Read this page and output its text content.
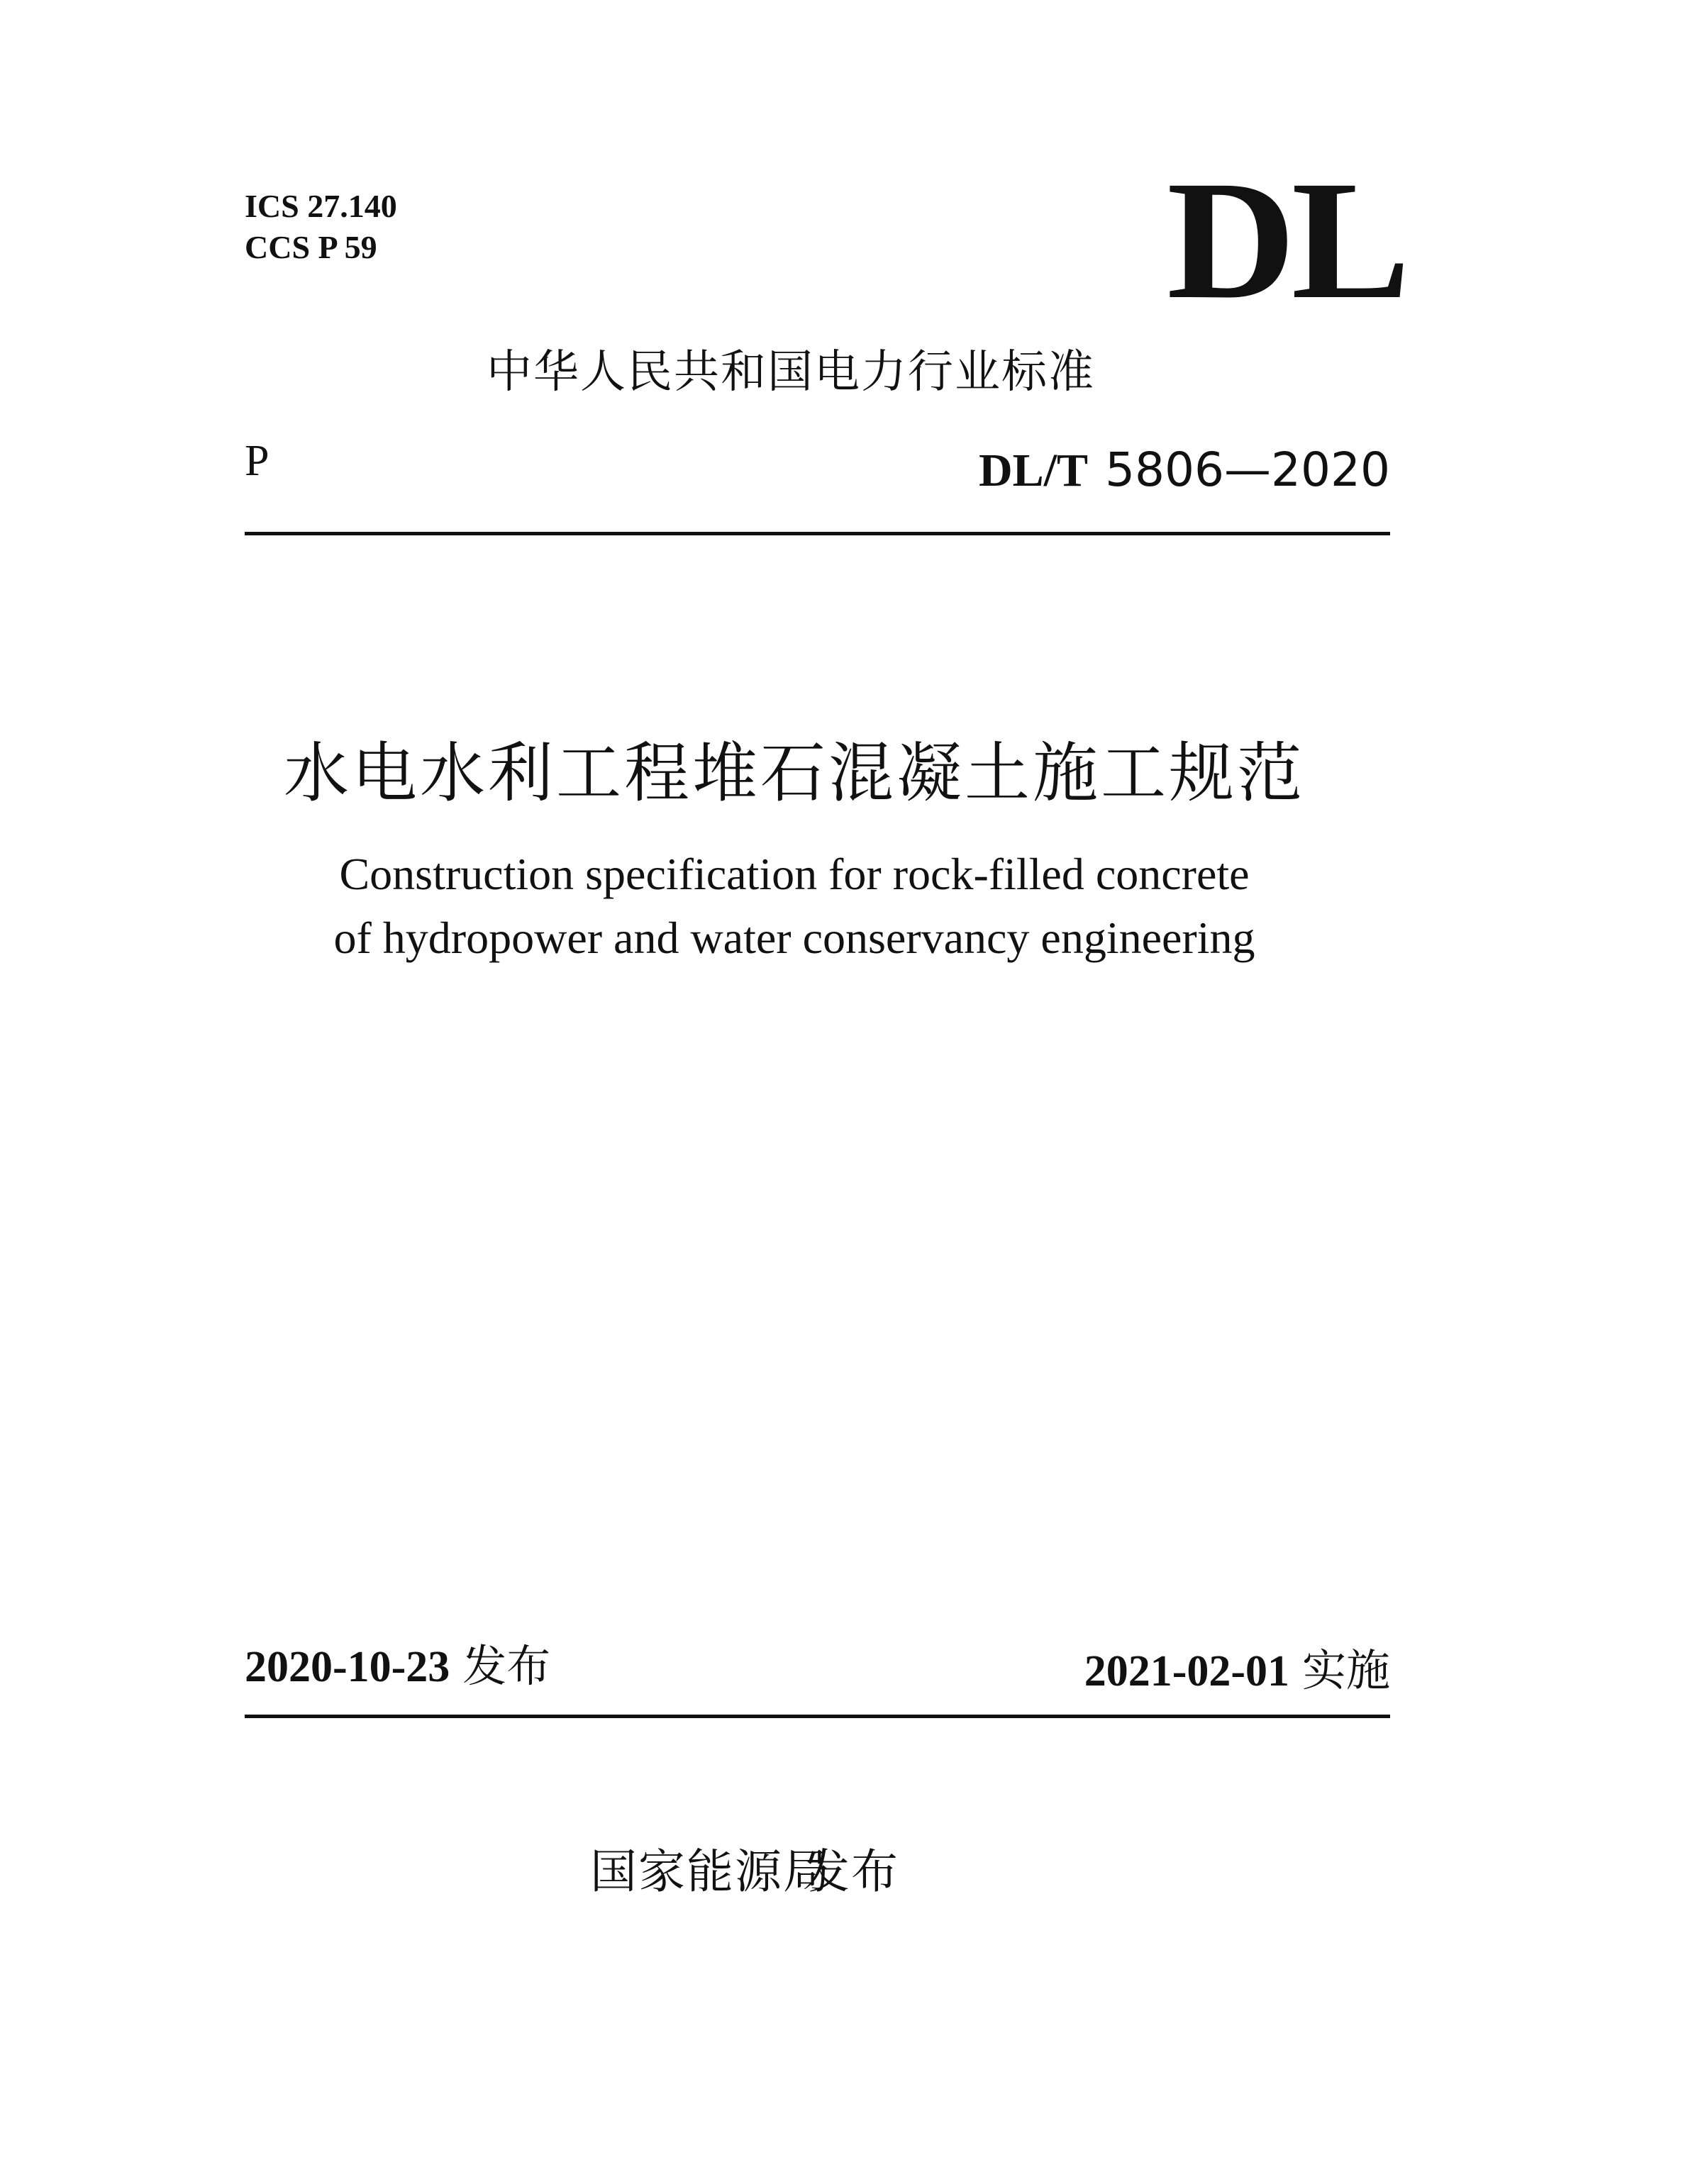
ICS 27.140
CCS P 59	DL
中华人民共和国电力行业标准
P	DL/T 5806—2020
水电水利工程堆石混凝土施工规范
Construction specification for rock-filled concrete
of hydropower and water conservancy engineering
2020-10-23 发布	2021-02-01 实施
国家能源局发布
